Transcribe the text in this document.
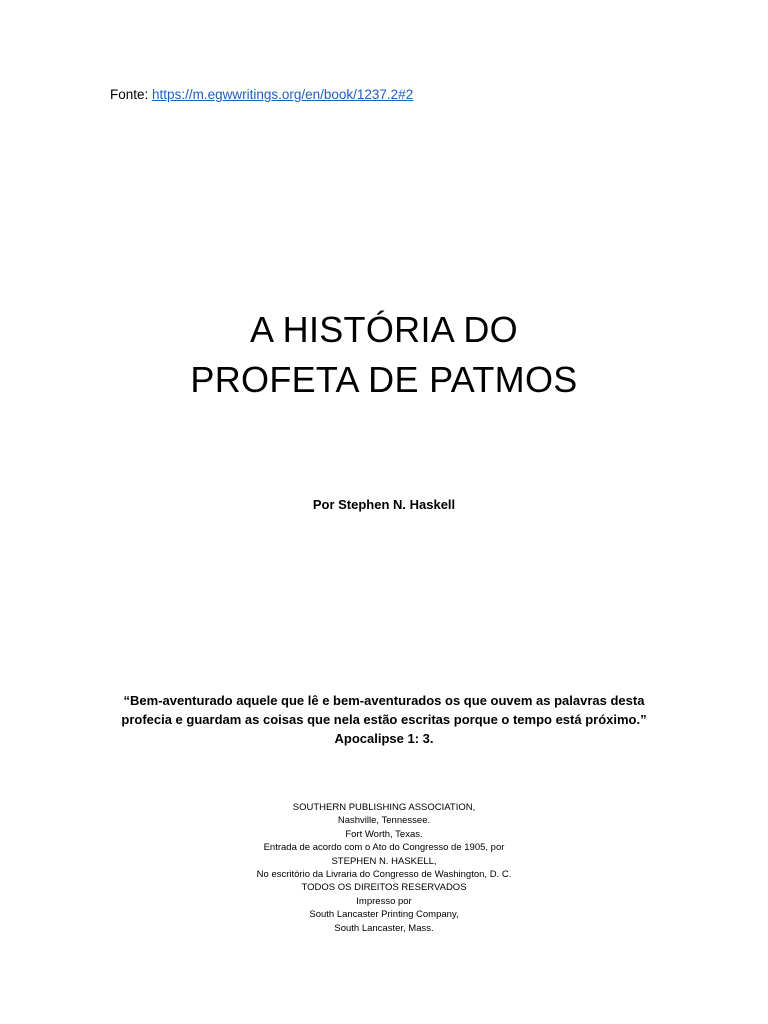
Fonte: https://m.egwwritings.org/en/book/1237.2#2
A HISTÓRIA DO
PROFETA DE PATMOS
Por Stephen N. Haskell
“Bem-aventurado aquele que lê e bem-aventurados os que ouvem as palavras desta
profecia e guardam as coisas que nela estão escritas porque o tempo está próximo.”
Apocalipse 1: 3.
SOUTHERN PUBLISHING ASSOCIATION,
Nashville, Tennessee.
Fort Worth, Texas.
Entrada de acordo com o Ato do Congresso de 1905, por
STEPHEN N. HASKELL,
No escritório da Livraria do Congresso de Washington, D. C.
TODOS OS DIREITOS RESERVADOS
Impresso por
South Lancaster Printing Company,
South Lancaster, Mass.
